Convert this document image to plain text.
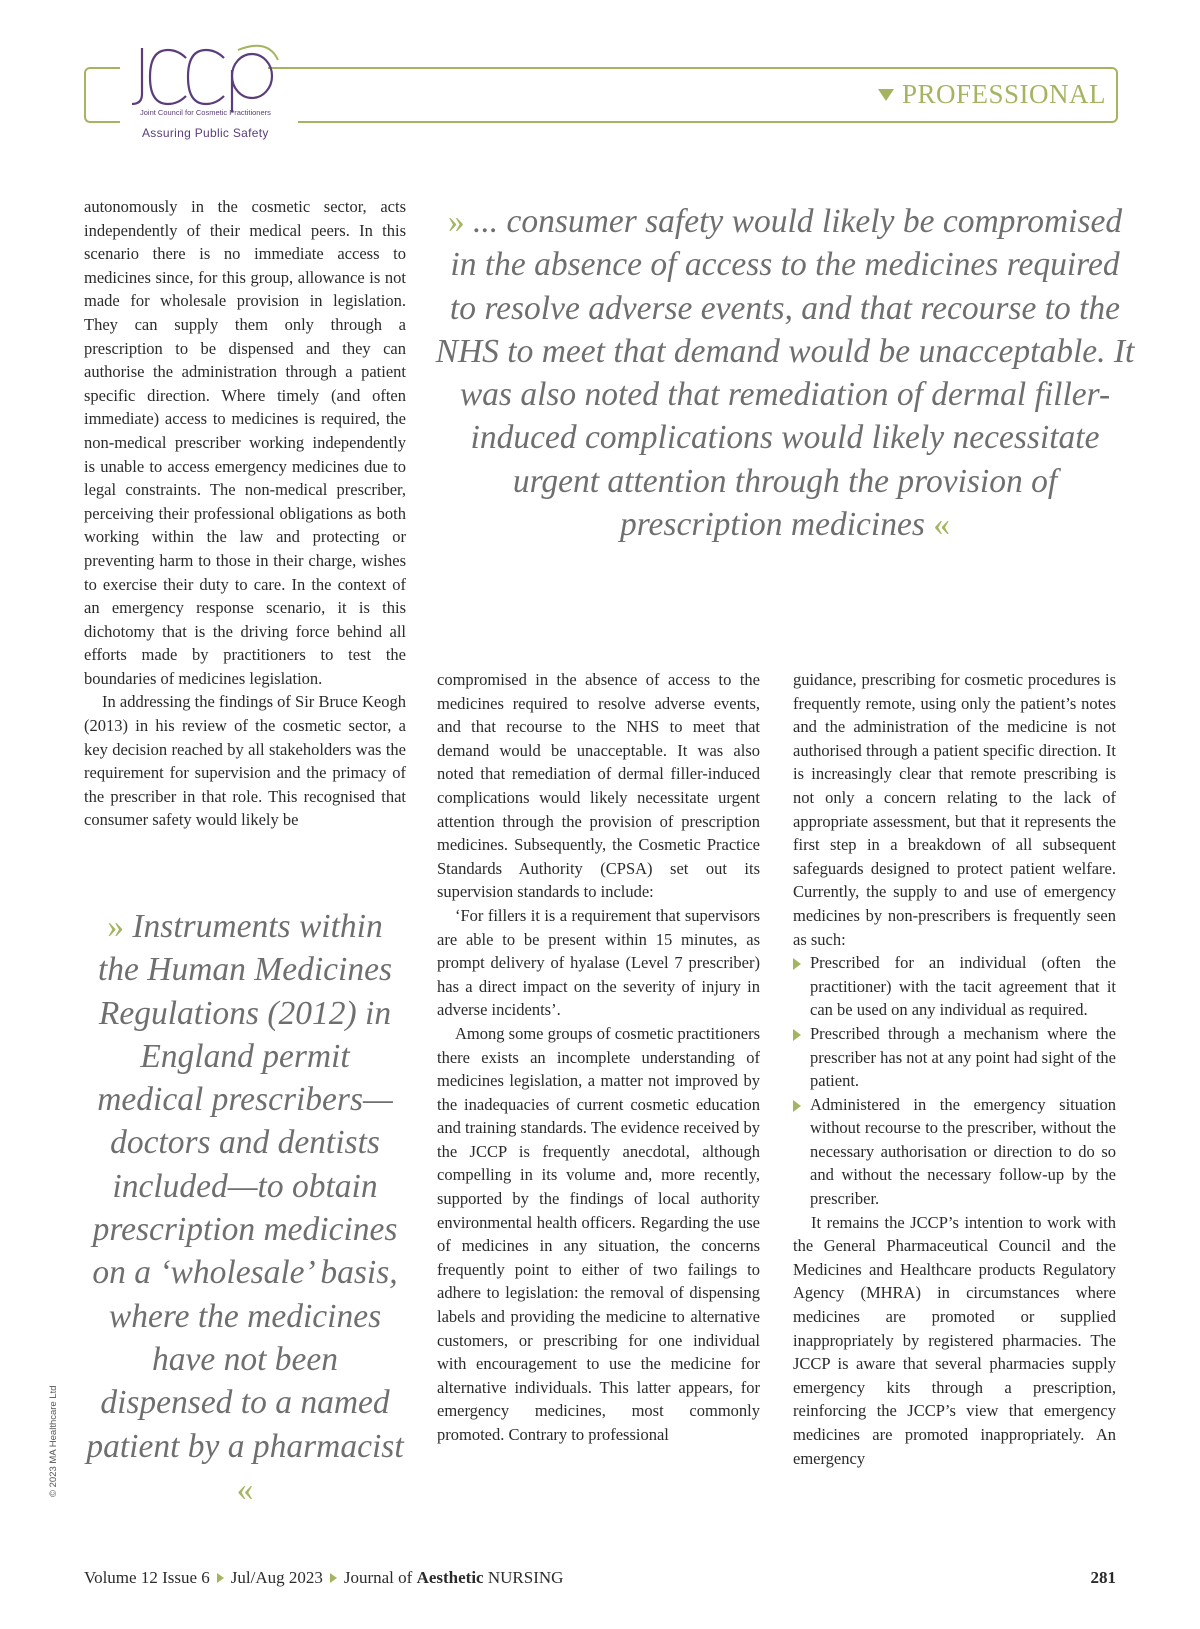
Joint Council for Cosmetic Practitioners
Assuring Public Safety
PROFESSIONAL
» ... consumer safety would likely be compromised in the absence of access to the medicines required to resolve adverse events, and that recourse to the NHS to meet that demand would be unacceptable. It was also noted that remediation of dermal filler-induced complications would likely necessitate urgent attention through the provision of prescription medicines «

autonomously in the cosmetic sector, acts independently of their medical peers. In this scenario there is no immediate access to medicines since, for this group, allowance is not made for wholesale provision in legislation. They can supply them only through a prescription to be dispensed and they can authorise the administration through a patient specific direction. Where timely (and often immediate) access to medicines is required, the non-medical prescriber working independently is unable to access emergency medicines due to legal constraints. The non-medical prescriber, perceiving their professional obligations as both working within the law and protecting or preventing harm to those in their charge, wishes to exercise their duty to care. In the context of an emergency response scenario, it is this dichotomy that is the driving force behind all efforts made by practitioners to test the boundaries of medicines legislation.

In addressing the findings of Sir Bruce Keogh (2013) in his review of the cosmetic sector, a key decision reached by all stakeholders was the requirement for supervision and the primacy of the prescriber in that role. This recognised that consumer safety would likely be

» Instruments within the Human Medicines Regulations (2012) in England permit medical prescribers—doctors and dentists included—to obtain prescription medicines on a ‘wholesale’ basis, where the medicines have not been dispensed to a named patient by a pharmacist «

compromised in the absence of access to the medicines required to resolve adverse events, and that recourse to the NHS to meet that demand would be unacceptable. It was also noted that remediation of dermal filler-induced complications would likely necessitate urgent attention through the provision of prescription medicines. Subsequently, the Cosmetic Practice Standards Authority (CPSA) set out its supervision standards to include:

‘For fillers it is a requirement that supervisors are able to be present within 15 minutes, as prompt delivery of hyalase (Level 7 prescriber) has a direct impact on the severity of injury in adverse incidents’.

Among some groups of cosmetic practitioners there exists an incomplete understanding of medicines legislation, a matter not improved by the inadequacies of current cosmetic education and training standards. The evidence received by the JCCP is frequently anecdotal, although compelling in its volume and, more recently, supported by the findings of local authority environmental health officers. Regarding the use of medicines in any situation, the concerns frequently point to either of two failings to adhere to legislation: the removal of dispensing labels and providing the medicine to alternative customers, or prescribing for one individual with encouragement to use the medicine for alternative individuals. This latter appears, for emergency medicines, most commonly promoted. Contrary to professional

guidance, prescribing for cosmetic procedures is frequently remote, using only the patient’s notes and the administration of the medicine is not authorised through a patient specific direction. It is increasingly clear that remote prescribing is not only a concern relating to the lack of appropriate assessment, but that it represents the first step in a breakdown of all subsequent safeguards designed to protect patient welfare. Currently, the supply to and use of emergency medicines by non-prescribers is frequently seen as such:

Prescribed for an individual (often the practitioner) with the tacit agreement that it can be used on any individual as required.
Prescribed through a mechanism where the prescriber has not at any point had sight of the patient.
Administered in the emergency situation without recourse to the prescriber, without the necessary authorisation or direction to do so and without the necessary follow-up by the prescriber.

It remains the JCCP’s intention to work with the General Pharmaceutical Council and the Medicines and Healthcare products Regulatory Agency (MHRA) in circumstances where medicines are promoted or supplied inappropriately by registered pharmacies. The JCCP is aware that several pharmacies supply emergency kits through a prescription, reinforcing the JCCP’s view that emergency medicines are promoted inappropriately. An emergency

© 2023 MA Healthcare Ltd
Volume 12 Issue 6 Jul/Aug 2023 Journal of
Aesthetic
NURSING	281
